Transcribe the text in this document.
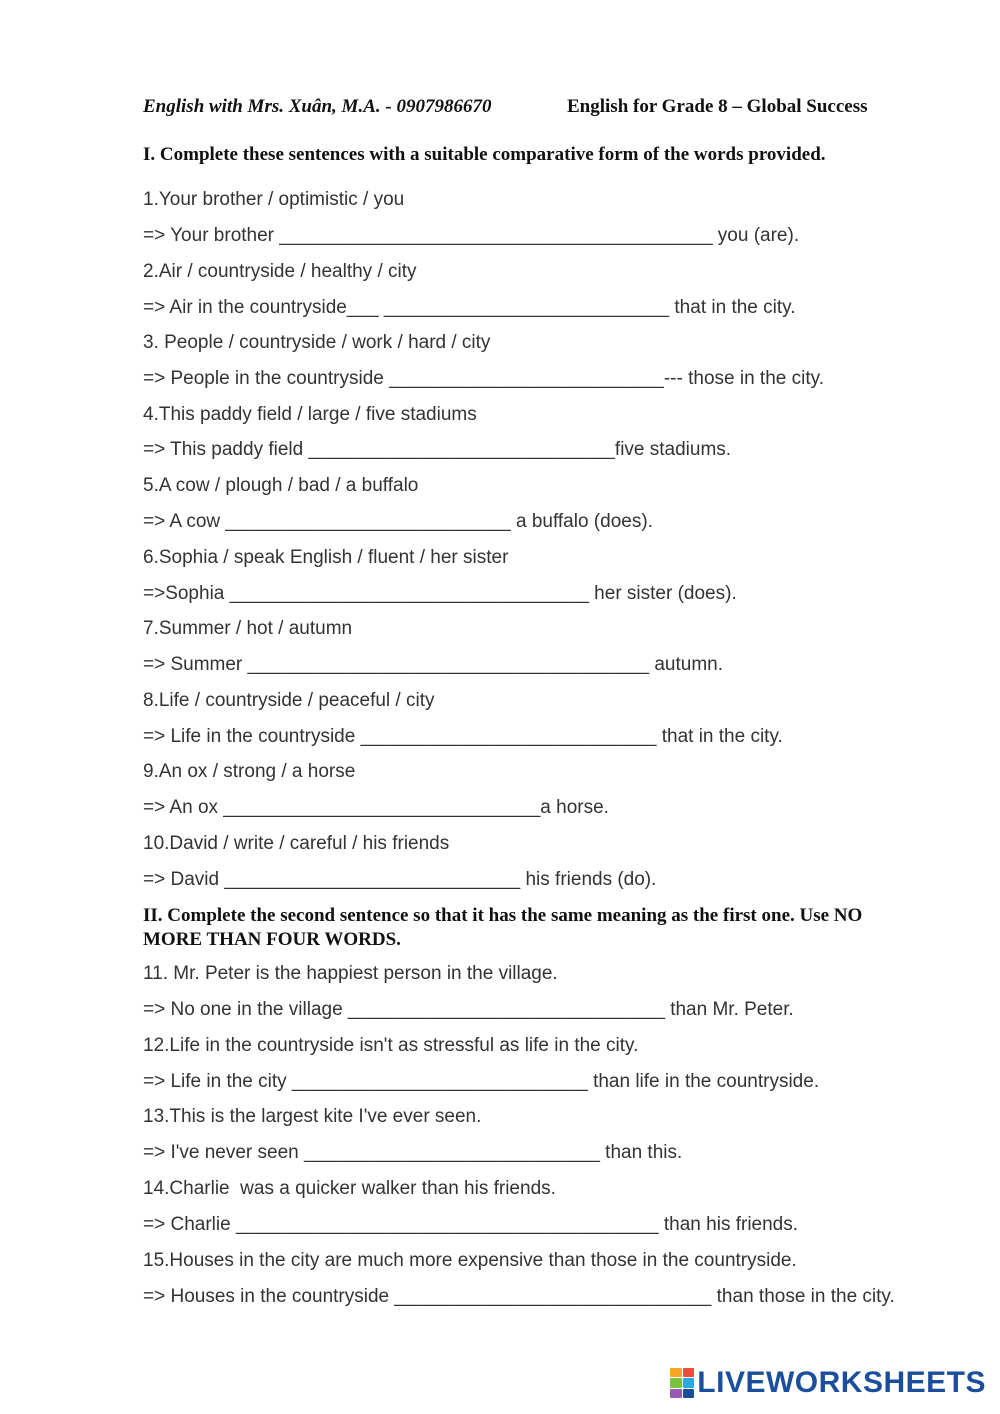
English with Mrs. Xuân, M.A. - 0907986670	English for Grade 8 – Global Success
I. Complete these sentences with a suitable comparative form of the words provided.
1.Your brother / optimistic / you
=> Your brother _________________________________________ you (are).
2.Air / countryside / healthy / city
=> Air in the countryside___ ___________________________ that in the city.
3. People / countryside / work / hard / city
=> People in the countryside __________________________--- those in the city.
4.This paddy field / large / five stadiums
=> This paddy field _____________________________five stadiums.
5.A cow / plough / bad / a buffalo
=> A cow ___________________________ a buffalo (does).
6.Sophia / speak English / fluent / her sister
=>Sophia __________________________________ her sister (does).
7.Summer / hot / autumn
=> Summer ______________________________________ autumn.
8.Life / countryside / peaceful / city
=> Life in the countryside ____________________________ that in the city.
9.An ox / strong / a horse
=> An ox ______________________________a horse.
10.David / write / careful / his friends
=> David ____________________________ his friends (do).
II. Complete the second sentence so that it has the same meaning as the first one. Use NO MORE THAN FOUR WORDS.
11. Mr. Peter is the happiest person in the village.
=> No one in the village ______________________________ than Mr. Peter.
12.Life in the countryside isn't as stressful as life in the city.
=> Life in the city ____________________________ than life in the countryside.
13.This is the largest kite I've ever seen.
=> I've never seen ____________________________ than this.
14.Charlie  was a quicker walker than his friends.
=> Charlie ________________________________________ than his friends.
15.Houses in the city are much more expensive than those in the countryside.
=> Houses in the countryside ______________________________ than those in the city.
LIVEWORKSHEETS
